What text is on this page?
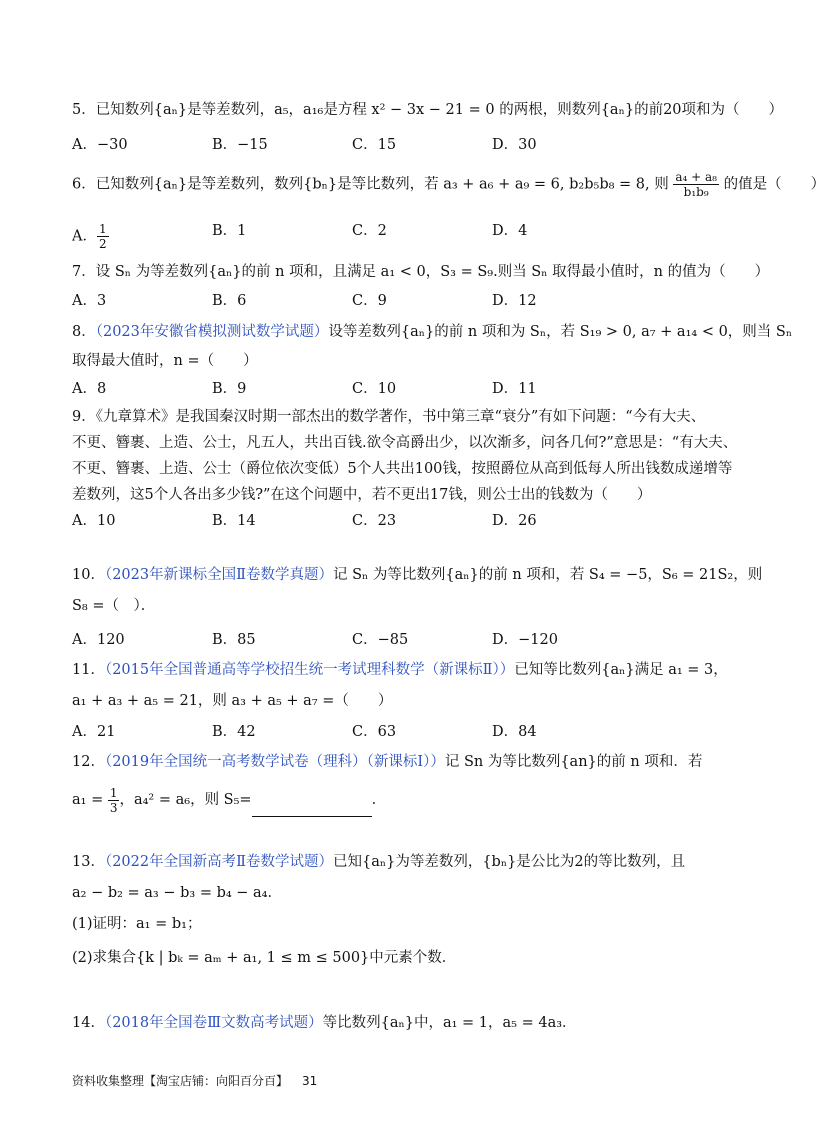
5．已知数列{aₙ}是等差数列，a₅，a₁₆是方程 x² − 3x − 21 = 0 的两根，则数列{aₙ}的前20项和为（　　）
A．−30	B．−15	C．15	D．30
6．已知数列{aₙ}是等差数列，数列{bₙ}是等比数列，若 a₃ + a₆ + a₉ = 6, b₂b₅b₈ = 8, 则 $\frac{\text{a₄ + a₈}}{\text{b₁b₉}}$ 的值是（　　）
A． $\frac{1}{2}$	B．1	C．2	D．4
7．设 Sₙ 为等差数列{aₙ}的前 n 项和，且满足 a₁ < 0，S₃ = S₉.则当 Sₙ 取得最小值时，n 的值为（　　）
A．3	B．6	C．9	D．12
8．（2023年安徽省模拟测试数学试题）设等差数列{aₙ}的前 n 项和为 Sₙ，若 S₁₉ > 0, a₇ + a₁₄ < 0，则当 Sₙ
取得最大值时，n =（　　）
A．8	B．9	C．10	D．11
9．《九章算术》是我国秦汉时期一部杰出的数学著作，书中第三章“衰分”有如下问题：“今有大夫、
不更、簪裹、上造、公士，凡五人，共出百钱.欲令高爵出少，以次渐多，问各几何?”意思是：“有大夫、
不更、簪裹、上造、公士（爵位依次变低）5个人共出100钱，按照爵位从高到低每人所出钱数成递增等
差数列，这5个人各出多少钱?”在这个问题中，若不更出17钱，则公士出的钱数为（　　）
A．10	B．14	C．23	D．26
10．（2023年新课标全国Ⅱ卷数学真题）记 Sₙ 为等比数列{aₙ}的前 n 项和，若 S₄ = −5，S₆ = 21S₂，则
S₈ =（　）．
A．120	B．85	C．−85	D．−120
11．（2015年全国普通高等学校招生统一考试理科数学（新课标Ⅱ））已知等比数列{aₙ}满足 a₁ = 3，
a₁ + a₃ + a₅ = 21，则 a₃ + a₅ + a₇ =（　　）
A．21	B．42	C．63	D．84
12．（2019年全国统一高考数学试卷（理科）（新课标Ⅰ））记 Sn 为等比数列{an}的前 n 项和．若
$a_1 = \frac{1}{3}$ ，a₄² = a₆，则 S₅=	．
13．（2022年全国新高考Ⅱ卷数学试题）已知{aₙ}为等差数列，{bₙ}是公比为2的等比数列，且
a₂ − b₂ = a₃ − b₃ = b₄ − a₄．
(1)证明：a₁ = b₁；
(2)求集合{k | bₖ = aₘ + a₁, 1 ≤ m ≤ 500}中元素个数．
14．（2018年全国卷Ⅲ文数高考试题）等比数列{aₙ}中，a₁ = 1，a₅ = 4a₃．
资料收集整理【淘宝店铺：向阳百分百】 31
